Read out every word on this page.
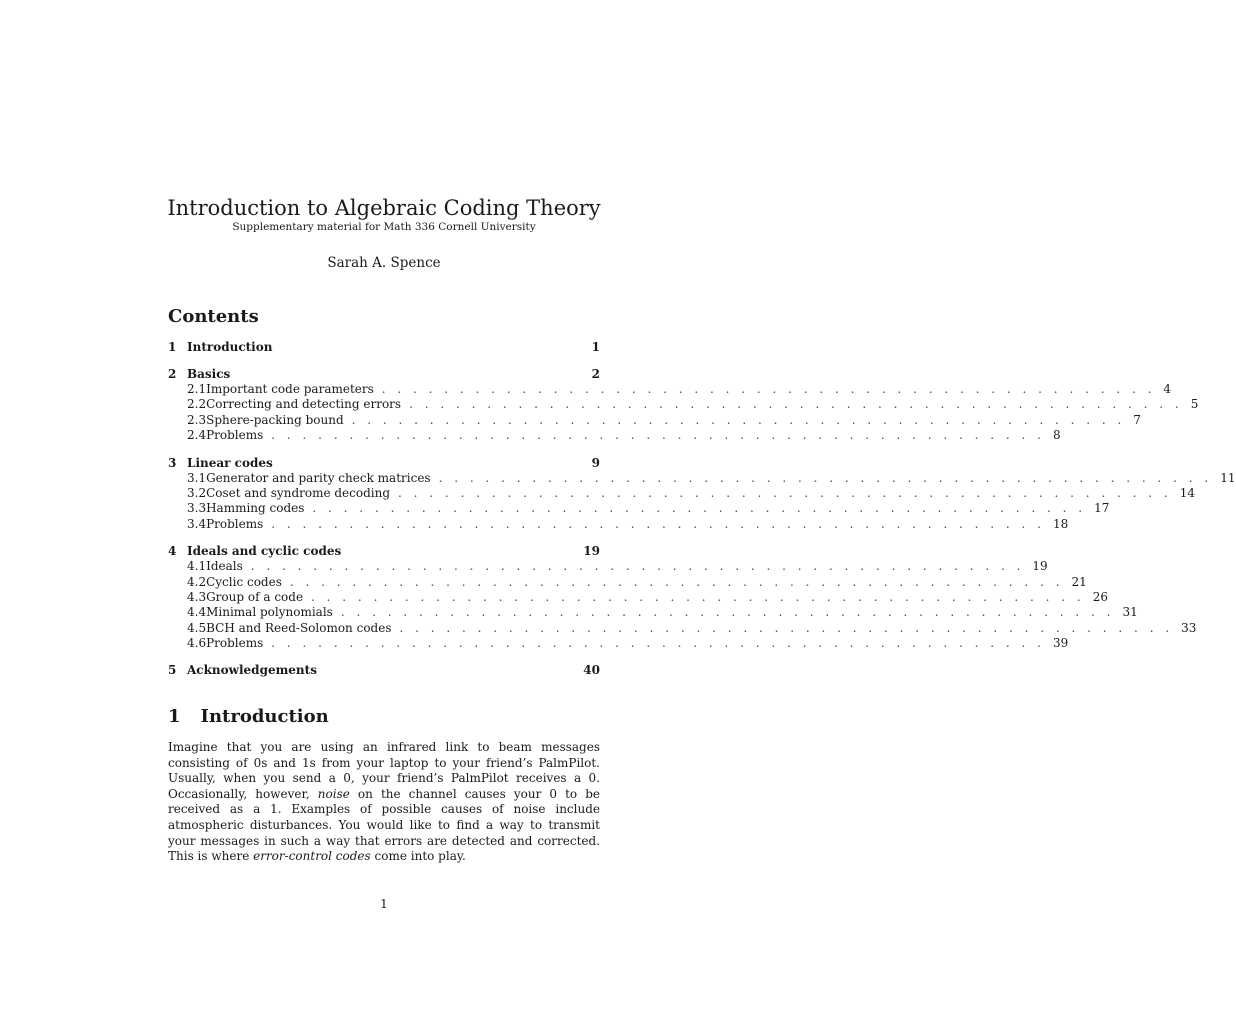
Introduction to Algebraic Coding Theory
Supplementary material for Math 336 Cornell University
Sarah A. Spence
Contents
1 Introduction	1
2 Basics	2
2.1 Important code parameters . . . . . . . . . . . . . . . . . . . . . . . . . . . . . . . . . . . . . . . . . . . . . . . . . . 4
2.2 Correcting and detecting errors . . . . . . . . . . . . . . . . . . . . . . . . . . . . . . . . . . . . . . . . . . . . . . . . . . 5
2.3 Sphere-packing bound . . . . . . . . . . . . . . . . . . . . . . . . . . . . . . . . . . . . . . . . . . . . . . . . . . 7
2.4 Problems . . . . . . . . . . . . . . . . . . . . . . . . . . . . . . . . . . . . . . . . . . . . . . . . . . 8
3 Linear codes	9
3.1 Generator and parity check matrices . . . . . . . . . . . . . . . . . . . . . . . . . . . . . . . . . . . . . . . . . . . . . . . . . . 11
3.2 Coset and syndrome decoding . . . . . . . . . . . . . . . . . . . . . . . . . . . . . . . . . . . . . . . . . . . . . . . . . . 14
3.3 Hamming codes . . . . . . . . . . . . . . . . . . . . . . . . . . . . . . . . . . . . . . . . . . . . . . . . . . 17
3.4 Problems . . . . . . . . . . . . . . . . . . . . . . . . . . . . . . . . . . . . . . . . . . . . . . . . . . 18
4 Ideals and cyclic codes	19
4.1 Ideals . . . . . . . . . . . . . . . . . . . . . . . . . . . . . . . . . . . . . . . . . . . . . . . . . . 19
4.2 Cyclic codes . . . . . . . . . . . . . . . . . . . . . . . . . . . . . . . . . . . . . . . . . . . . . . . . . . 21
4.3 Group of a code . . . . . . . . . . . . . . . . . . . . . . . . . . . . . . . . . . . . . . . . . . . . . . . . . . 26
4.4 Minimal polynomials . . . . . . . . . . . . . . . . . . . . . . . . . . . . . . . . . . . . . . . . . . . . . . . . . . 31
4.5 BCH and Reed-Solomon codes . . . . . . . . . . . . . . . . . . . . . . . . . . . . . . . . . . . . . . . . . . . . . . . . . . 33
4.6 Problems . . . . . . . . . . . . . . . . . . . . . . . . . . . . . . . . . . . . . . . . . . . . . . . . . . 39
5 Acknowledgements	40
1 Introduction
Imagine that you are using an infrared link to beam messages consisting of 0s and 1s from your laptop to your friend’s PalmPilot. Usually, when you send a 0, your friend’s PalmPilot receives a 0. Occasionally, however, noise on the channel causes your 0 to be received as a 1. Examples of possible causes of noise include atmospheric disturbances. You would like to find a way to transmit your messages in such a way that errors are detected and corrected. This is where error-control codes come into play.
1
